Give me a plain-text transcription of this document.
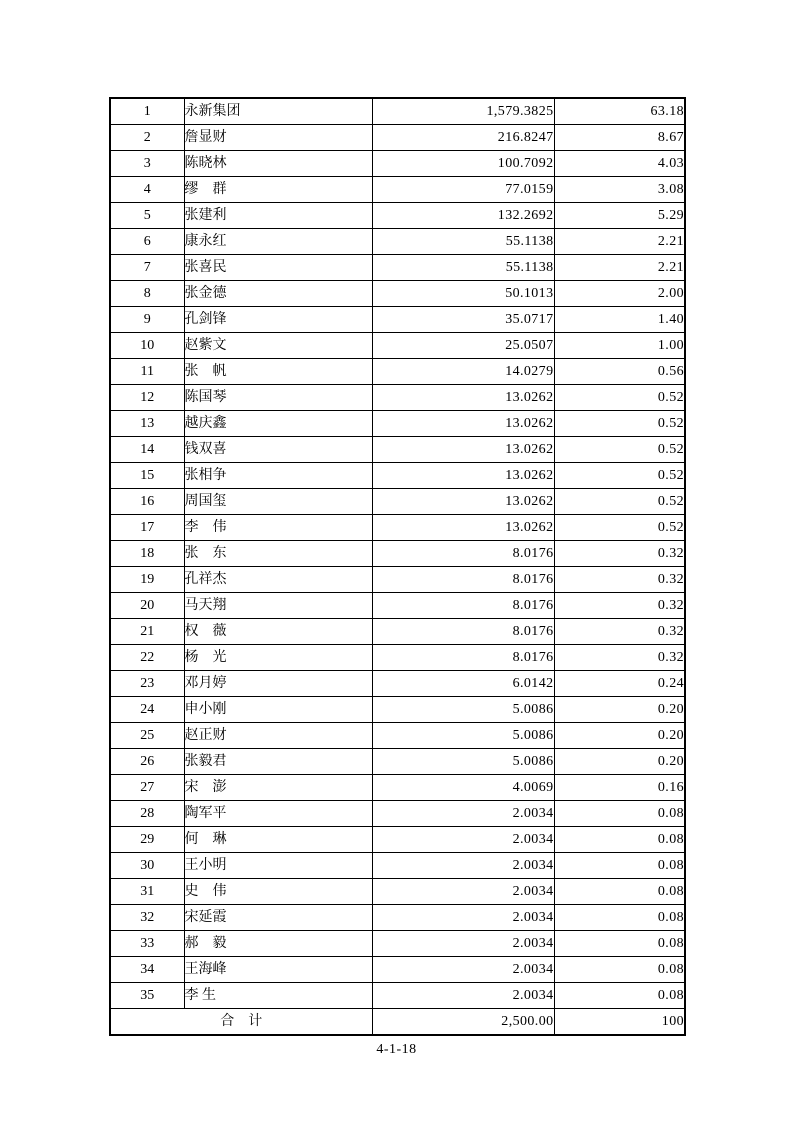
1	永新集团	1,579.3825	63.18
2	詹显财	216.8247	8.67
3	陈晓林	100.7092	4.03
4	缪　群	77.0159	3.08
5	张建利	132.2692	5.29
6	康永红	55.1138	2.21
7	张喜民	55.1138	2.21
8	张金德	50.1013	2.00
9	孔剑锋	35.0717	1.40
10	赵紫文	25.0507	1.00
11	张　帆	14.0279	0.56
12	陈国琴	13.0262	0.52
13	越庆鑫	13.0262	0.52
14	钱双喜	13.0262	0.52
15	张相争	13.0262	0.52
16	周国玺	13.0262	0.52
17	李　伟	13.0262	0.52
18	张　东	8.0176	0.32
19	孔祥杰	8.0176	0.32
20	马天翔	8.0176	0.32
21	权　薇	8.0176	0.32
22	杨　光	8.0176	0.32
23	邓月婷	6.0142	0.24
24	申小刚	5.0086	0.20
25	赵正财	5.0086	0.20
26	张毅君	5.0086	0.20
27	宋　澎	4.0069	0.16
28	陶军平	2.0034	0.08
29	何　琳	2.0034	0.08
30	王小明	2.0034	0.08
31	史　伟	2.0034	0.08
32	宋延霞	2.0034	0.08
33	郝　毅	2.0034	0.08
34	王海峰	2.0034	0.08
35	李 生	2.0034	0.08
合　计		2,500.00	100
4-1-18
